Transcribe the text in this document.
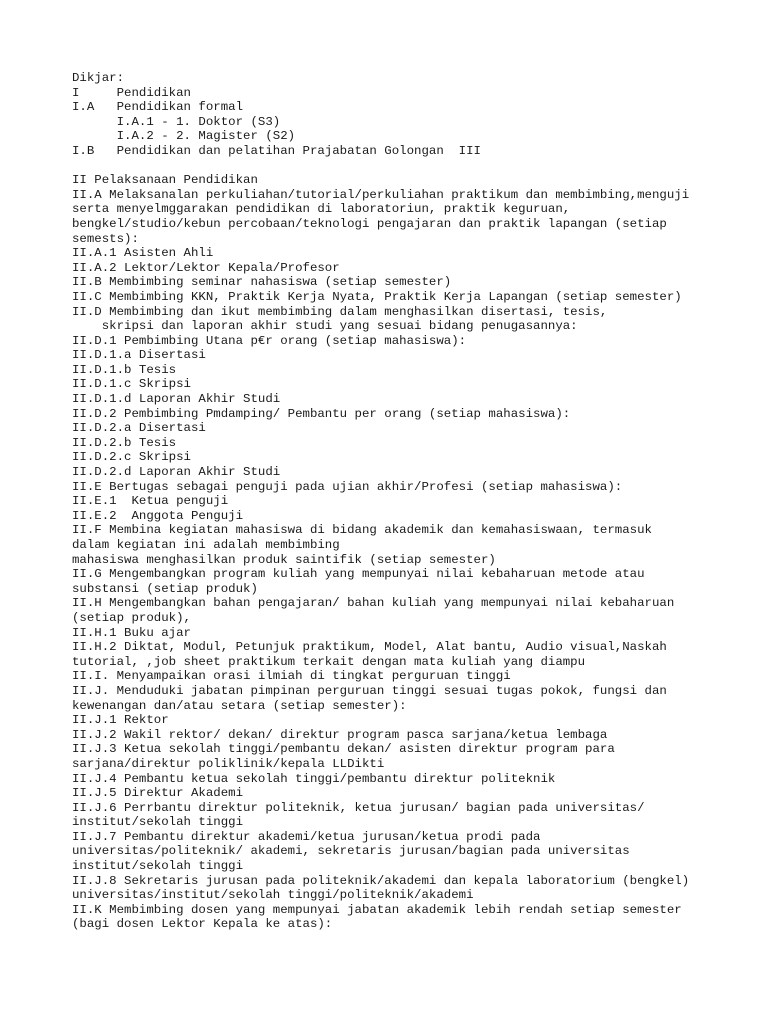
Dikjar:
I     Pendidikan
I.A   Pendidikan formal
I.A.1 - 1. Doktor (S3)
I.A.2 - 2. Magister (S2)
I.B   Pendidikan dan pelatihan Prajabatan Golongan  III
II Pelaksanaan Pendidikan
II.A Melaksanalan perkuliahan/tutorial/perkuliahan praktikum dan membimbing,menguji
serta menyelmggarakan pendidikan di laboratoriun, praktik keguruan,
bengkel/studio/kebun percobaan/teknologi pengajaran dan praktik lapangan (setiap
semests):
II.A.1 Asisten Ahli
II.A.2 Lektor/Lektor Kepala/Profesor
II.B Membimbing seminar nahasiswa (setiap semester)
II.C Membimbing KKN, Praktik Kerja Nyata, Praktik Kerja Lapangan (setiap semester)
II.D Membimbing dan ikut membimbing dalam menghasilkan disertasi, tesis,
skripsi dan laporan akhir studi yang sesuai bidang penugasannya:
II.D.1 Pembimbing Utana p€r orang (setiap mahasiswa):
II.D.1.a Disertasi
II.D.1.b Tesis
II.D.1.c Skripsi
II.D.1.d Laporan Akhir Studi
II.D.2 Pembimbing Pmdamping/ Pembantu per orang (setiap mahasiswa):
II.D.2.a Disertasi
II.D.2.b Tesis
II.D.2.c Skripsi
II.D.2.d Laporan Akhir Studi
II.E Bertugas sebagai penguji pada ujian akhir/Profesi (setiap mahasiswa):
II.E.1  Ketua penguji
II.E.2  Anggota Penguji
II.F Membina kegiatan mahasiswa di bidang akademik dan kemahasiswaan, termasuk
dalam kegiatan ini adalah membimbing
mahasiswa menghasilkan produk saintifik (setiap semester)
II.G Mengembangkan program kuliah yang mempunyai nilai kebaharuan metode atau
substansi (setiap produk)
II.H Mengembangkan bahan pengajaran/ bahan kuliah yang mempunyai nilai kebaharuan
(setiap produk),
II.H.1 Buku ajar
II.H.2 Diktat, Modul, Petunjuk praktikum, Model, Alat bantu, Audio visual,Naskah
tutorial, ,job sheet praktikum terkait dengan mata kuliah yang diampu
II.I. Menyampaikan orasi ilmiah di tingkat perguruan tinggi
II.J. Menduduki jabatan pimpinan perguruan tinggi sesuai tugas pokok, fungsi dan
kewenangan dan/atau setara (setiap semester):
II.J.1 Rektor
II.J.2 Wakil rektor/ dekan/ direktur program pasca sarjana/ketua lembaga
II.J.3 Ketua sekolah tinggi/pembantu dekan/ asisten direktur program para
sarjana/direktur poliklinik/kepala LLDikti
II.J.4 Pembantu ketua sekolah tinggi/pembantu direktur politeknik
II.J.5 Direktur Akademi
II.J.6 Perrbantu direktur politeknik, ketua jurusan/ bagian pada universitas/
institut/sekolah tinggi
II.J.7 Pembantu direktur akademi/ketua jurusan/ketua prodi pada
universitas/politeknik/ akademi, sekretaris jurusan/bagian pada universitas
institut/sekolah tinggi
II.J.8 Sekretaris jurusan pada politeknik/akademi dan kepala laboratorium (bengkel)
universitas/institut/sekolah tinggi/politeknik/akademi
II.K Membimbing dosen yang mempunyai jabatan akademik lebih rendah setiap semester
(bagi dosen Lektor Kepala ke atas):
